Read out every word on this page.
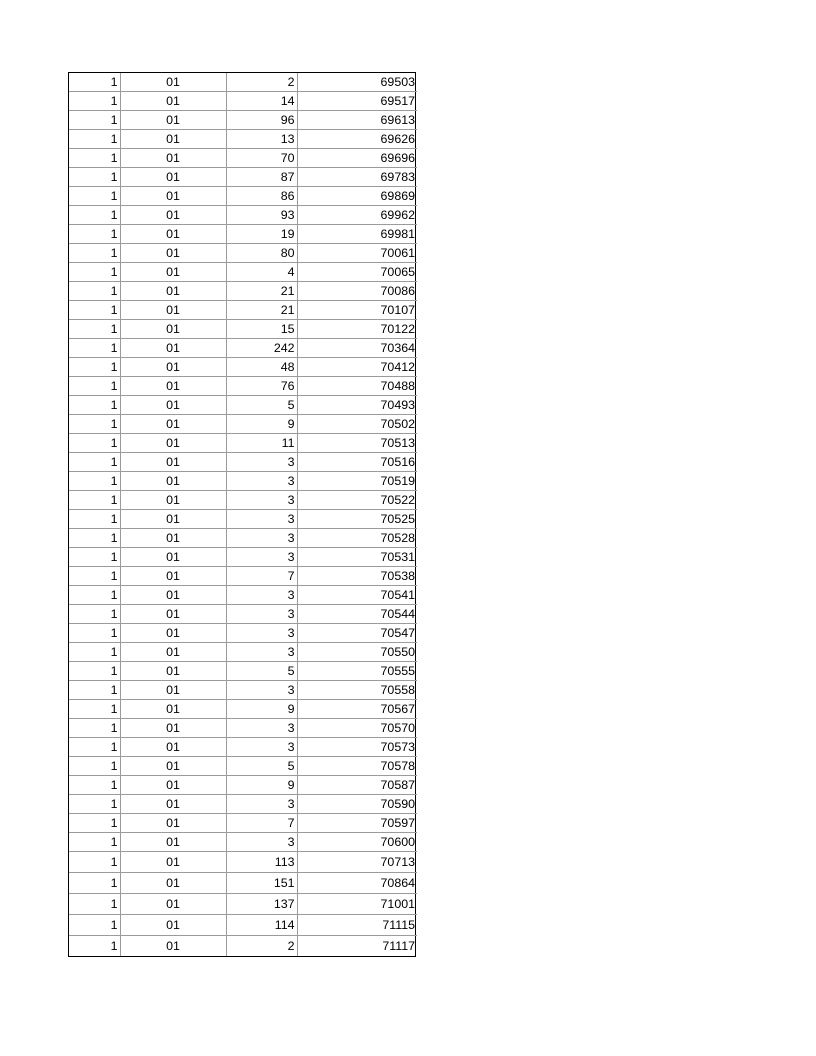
1	01	2	69503
1	01	14	69517
1	01	96	69613
1	01	13	69626
1	01	70	69696
1	01	87	69783
1	01	86	69869
1	01	93	69962
1	01	19	69981
1	01	80	70061
1	01	4	70065
1	01	21	70086
1	01	21	70107
1	01	15	70122
1	01	242	70364
1	01	48	70412
1	01	76	70488
1	01	5	70493
1	01	9	70502
1	01	11	70513
1	01	3	70516
1	01	3	70519
1	01	3	70522
1	01	3	70525
1	01	3	70528
1	01	3	70531
1	01	7	70538
1	01	3	70541
1	01	3	70544
1	01	3	70547
1	01	3	70550
1	01	5	70555
1	01	3	70558
1	01	9	70567
1	01	3	70570
1	01	3	70573
1	01	5	70578
1	01	9	70587
1	01	3	70590
1	01	7	70597
1	01	3	70600
1	01	113	70713
1	01	151	70864
1	01	137	71001
1	01	114	71115
1	01	2	71117
